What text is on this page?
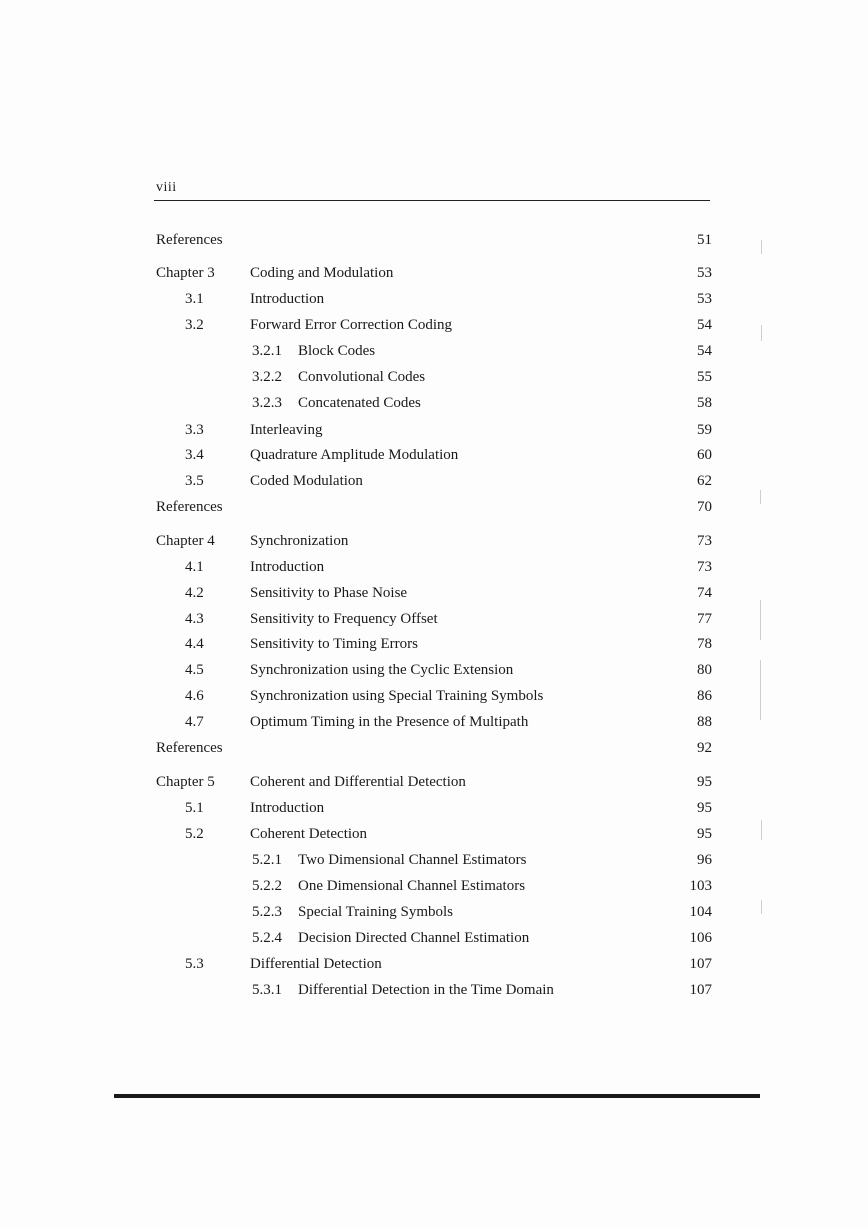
viii
References	51
Chapter 3 Coding and Modulation	53
3.1	Introduction	53
3.2	Forward Error Correction Coding	54
3.2.1 Block Codes	54
3.2.2 Convolutional Codes	55
3.2.3 Concatenated Codes	58
3.3	Interleaving	59
3.4	Quadrature Amplitude Modulation	60
3.5	Coded Modulation	62
References	70
Chapter 4 Synchronization	73
4.1	Introduction	73
4.2	Sensitivity to Phase Noise	74
4.3	Sensitivity to Frequency Offset	77
4.4	Sensitivity to Timing Errors	78
4.5	Synchronization using the Cyclic Extension	80
4.6	Synchronization using Special Training Symbols	86
4.7	Optimum Timing in the Presence of Multipath	88
References	92
Chapter 5 Coherent and Differential Detection	95
5.1	Introduction	95
5.2	Coherent Detection	95
5.2.1 Two Dimensional Channel Estimators	96
5.2.2 One Dimensional Channel Estimators	103
5.2.3 Special Training Symbols	104
5.2.4 Decision Directed Channel Estimation	106
5.3	Differential Detection	107
5.3.1 Differential Detection in the Time Domain	107
